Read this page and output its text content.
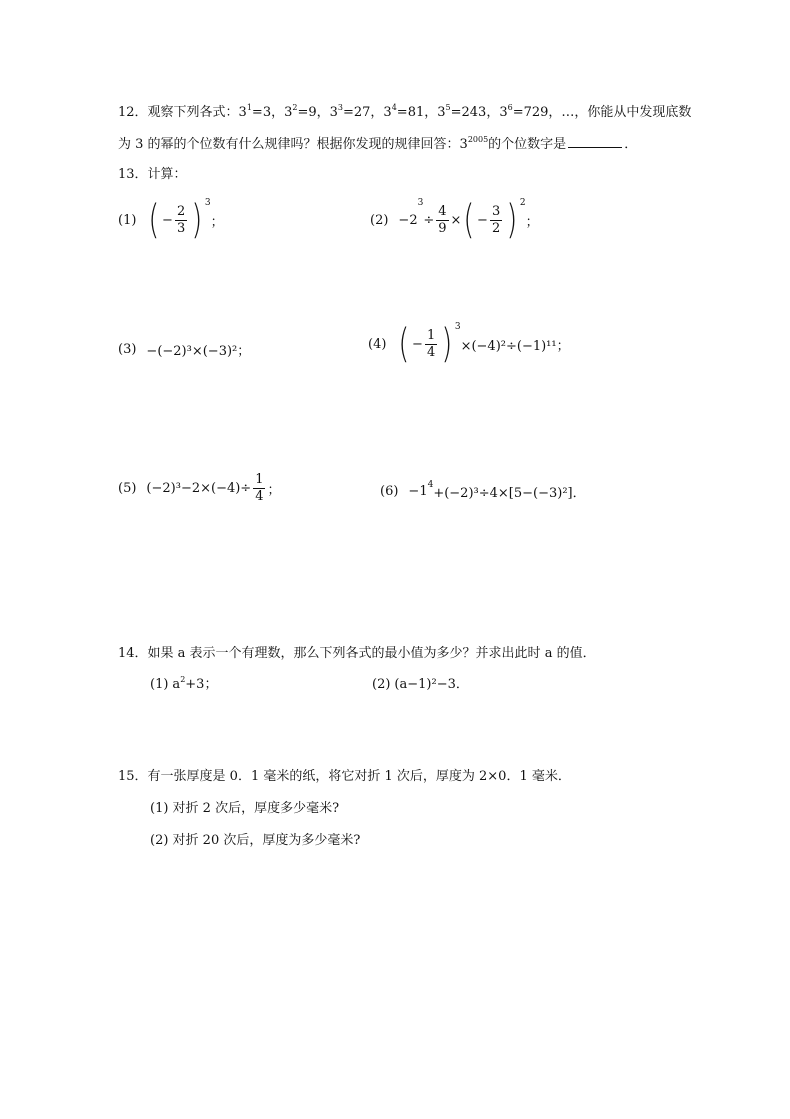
12．观察下列各式：$3^1=3$，$3^2=9$，$3^3=27$，$3^4=81$，$3^5=243$，$3^6=729$，…，你能从中发现底数
为 3 的幂的个位数有什么规律吗？根据你发现的规律回答：$3^{2005}$的个位数字是	．
13．计算：
(1) ( − $\frac{2}{3}$ ) 3
；	(2) −2
3
÷ $\frac{4}{9}$ × ( − $\frac{3}{2}$ ) 2
；
(3) −(−2)³×(−3)²；	(4) ( − $\frac{1}{4}$ ) 3
×(−4)²÷(−1)¹¹；
(5) $(-2)^3-2\times(-4)\div \frac{1}{4}$ ；	(6) −1 4
+(−2)³÷4×[5−(−3)²]．
14．如果 a 表示一个有理数，那么下列各式的最小值为多少？并求出此时 a 的值．
(1) $a^2+3$；	(2) (a−1)²−3．
15．有一张厚度是 0．1 毫米的纸，将它对折 1 次后，厚度为 2×0．1 毫米．
(1) 对折 2 次后，厚度多少毫米?
(2) 对折 20 次后，厚度为多少毫米?
